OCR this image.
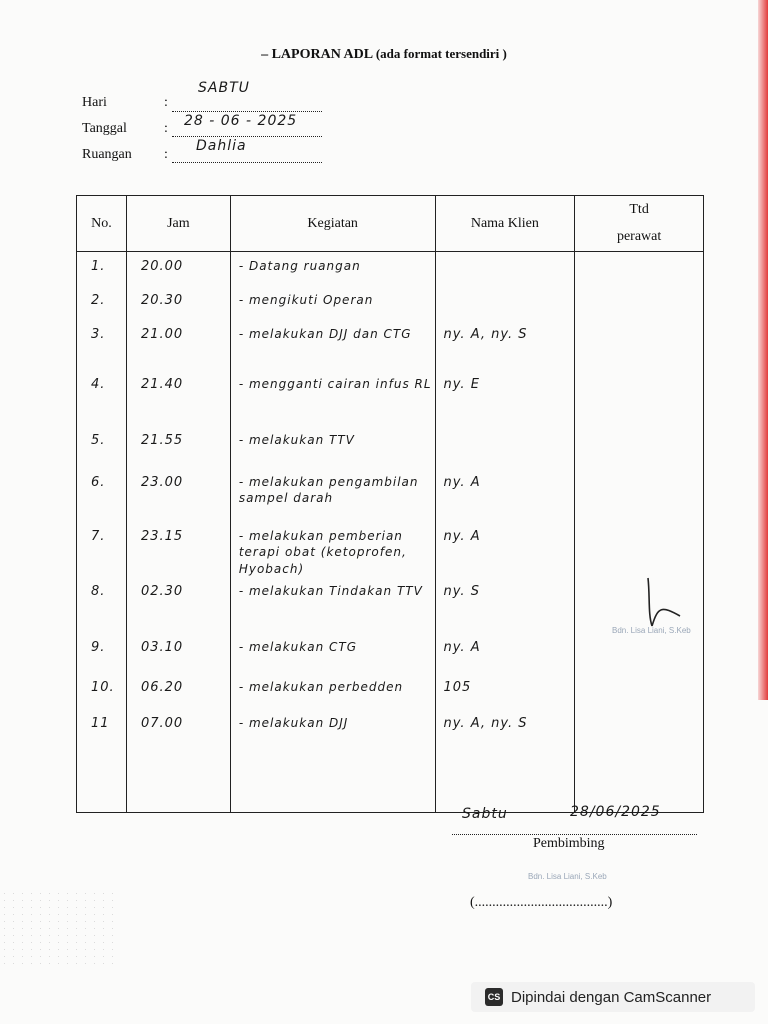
– LAPORAN ADL (ada format tersendiri )
Hari	:
SABTU
Tanggal	: 28 - 06 - 2025
Ruangan :
Dahlia
No.	Jam	Kegiatan	Nama Klien	Ttd
perawat
1.	20.00	- Datang ruangan		
2.	20.30	- mengikuti Operan		
3.	21.00	- melakukan DJJ dan CTG	ny. A, ny. S	
4.	21.40	- mengganti cairan infus RL	ny. E	
5.	21.55	- melakukan TTV		
6.	23.00	- melakukan pengambilan sampel darah	ny. A	
7.	23.15	- melakukan pemberian terapi obat (ketoprofen, Hyobach)	ny. A	
8.	02.30	- melakukan Tindakan TTV	ny. S	
9.	03.10	- melakukan CTG	ny. A	
10.	06.20	- melakukan perbedden	105	
11	07.00	- melakukan DJJ	ny. A, ny. S	

Bdn. Lisa Liani, S.Keb
Sabtu	28/06/2025
Pembimbing
Bdn. Lisa Liani, S.Keb
(......................................)
CS Dipindai dengan CamScanner
